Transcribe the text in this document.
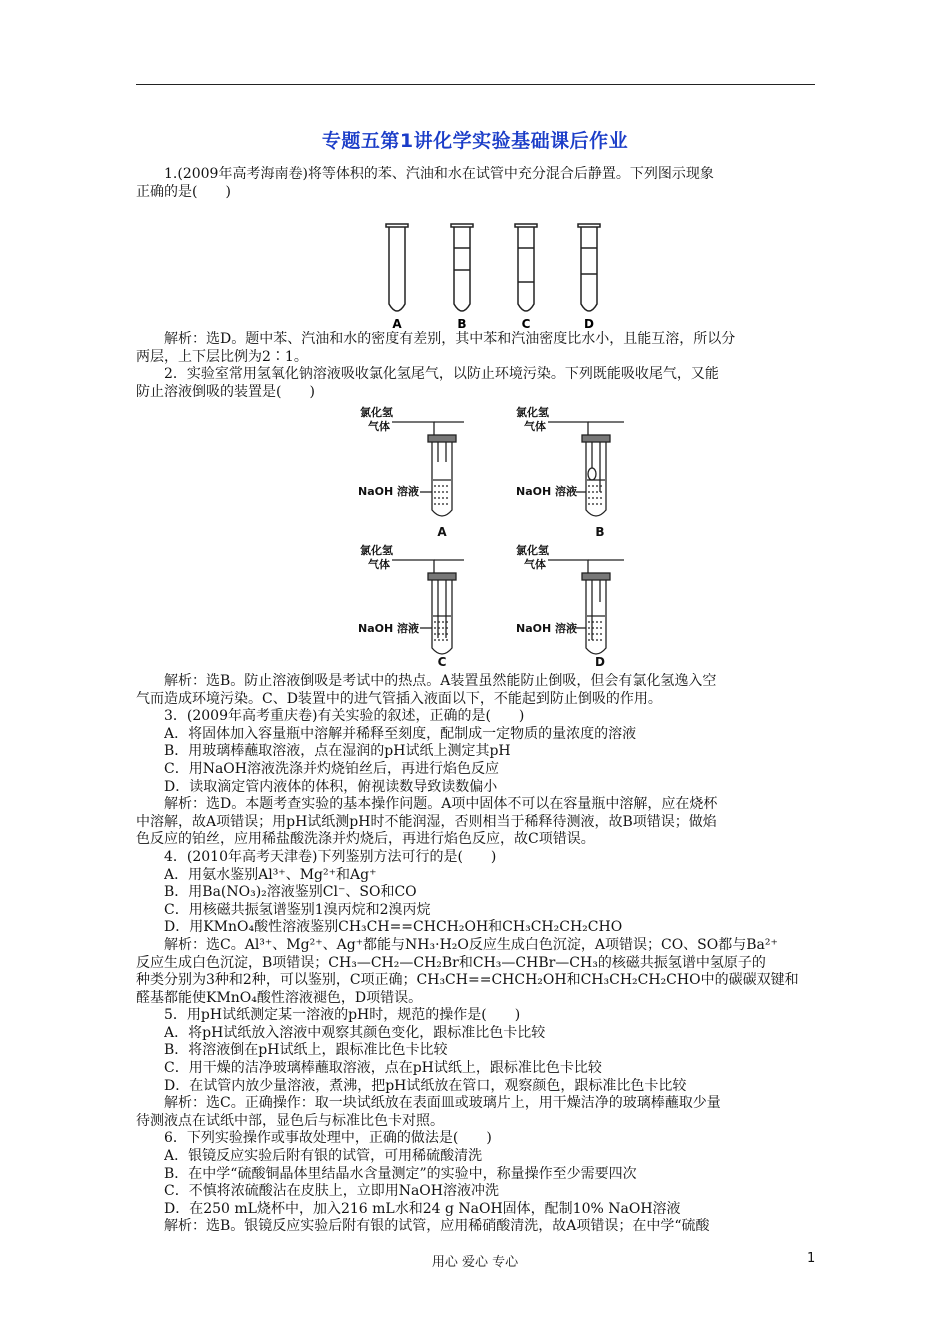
专题五第1讲化学实验基础课后作业

1.(2009年高考海南卷)将等体积的苯、汽油和水在试管中充分混合后静置。下列图示现象

正确的是(　　)

A	B	C	D

解析：选D。题中苯、汽油和水的密度有差别，其中苯和汽油密度比水小，且能互溶，所以分

两层，上下层比例为2∶1。

2．实验室常用氢氧化钠溶液吸收氯化氢尾气，以防止环境污染。下列既能吸收尾气，又能

防止溶液倒吸的装置是(　　)

氯化氢
气体
NaOH 溶液
氯化氢
气体
NaOH 溶液
氯化氢
气体
NaOH 溶液
氯化氢
气体
NaOH 溶液
A	B
C	D

解析：选B。防止溶液倒吸是考试中的热点。A装置虽然能防止倒吸，但会有氯化氢逸入空

气而造成环境污染。C、D装置中的进气管插入液面以下，不能起到防止倒吸的作用。

3．(2009年高考重庆卷)有关实验的叙述，正确的是(　　)

A．将固体加入容量瓶中溶解并稀释至刻度，配制成一定物质的量浓度的溶液

B．用玻璃棒蘸取溶液，点在湿润的pH试纸上测定其pH

C．用NaOH溶液洗涤并灼烧铂丝后，再进行焰色反应

D．读取滴定管内液体的体积，俯视读数导致读数偏小

解析：选D。本题考查实验的基本操作问题。A项中固体不可以在容量瓶中溶解，应在烧杯

中溶解，故A项错误；用pH试纸测pH时不能润湿，否则相当于稀释待测液，故B项错误；做焰

色反应的铂丝，应用稀盐酸洗涤并灼烧后，再进行焰色反应，故C项错误。

4．(2010年高考天津卷)下列鉴别方法可行的是(　　)

A．用氨水鉴别Al³⁺、Mg²⁺和Ag⁺

B．用Ba(NO₃)₂溶液鉴别Cl⁻、SO和CO

C．用核磁共振氢谱鉴别1溴丙烷和2溴丙烷

D．用KMnO₄酸性溶液鉴别CH₃CH==CHCH₂OH和CH₃CH₂CH₂CHO

解析：选C。Al³⁺、Mg²⁺、Ag⁺都能与NH₃·H₂O反应生成白色沉淀，A项错误；CO、SO都与Ba²⁺

反应生成白色沉淀，B项错误；CH₃—CH₂—CH₂Br和CH₃—CHBr—CH₃的核磁共振氢谱中氢原子的

种类分别为3种和2种，可以鉴别，C项正确；CH₃CH==CHCH₂OH和CH₃CH₂CH₂CHO中的碳碳双键和

醛基都能使KMnO₄酸性溶液褪色，D项错误。

5．用pH试纸测定某一溶液的pH时，规范的操作是(　　)

A．将pH试纸放入溶液中观察其颜色变化，跟标准比色卡比较

B．将溶液倒在pH试纸上，跟标准比色卡比较

C．用干燥的洁净玻璃棒蘸取溶液，点在pH试纸上，跟标准比色卡比较

D．在试管内放少量溶液，煮沸，把pH试纸放在管口，观察颜色，跟标准比色卡比较

解析：选C。正确操作：取一块试纸放在表面皿或玻璃片上，用干燥洁净的玻璃棒蘸取少量

待测液点在试纸中部，显色后与标准比色卡对照。

6．下列实验操作或事故处理中，正确的做法是(　　)

A．银镜反应实验后附有银的试管，可用稀硫酸清洗

B．在中学“硫酸铜晶体里结晶水含量测定”的实验中，称量操作至少需要四次

C．不慎将浓硫酸沾在皮肤上，立即用NaOH溶液冲洗

D．在250 mL烧杯中，加入216 mL水和24 g NaOH固体，配制10% NaOH溶液

解析：选B。银镜反应实验后附有银的试管，应用稀硝酸清洗，故A项错误；在中学“硫酸

用心 爱心 专心	1
